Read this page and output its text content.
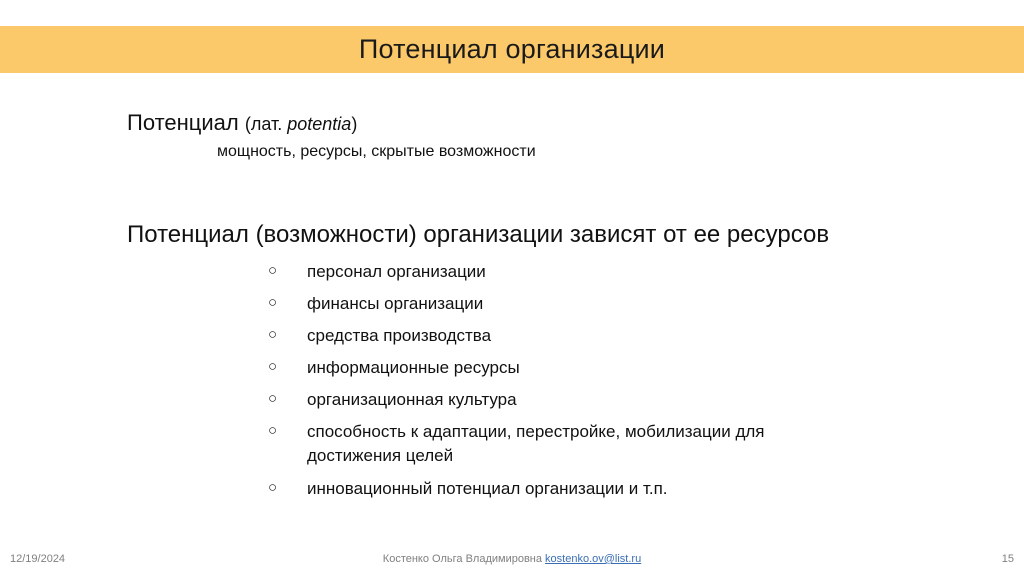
Потенциал организации
Потенциал (лат. potentia)
мощность, ресурсы, скрытые возможности
Потенциал (возможности) организации зависят от ее ресурсов
○ персонал организации
○ финансы организации
○ средства производства
○ информационные ресурсы
○ организационная культура
○ способность к адаптации, перестройке, мобилизации для достижения целей
○ инновационный потенциал организации и т.п.
12/19/2024	Костенко Ольга Владимировна kostenko.ov@list.ru	15
